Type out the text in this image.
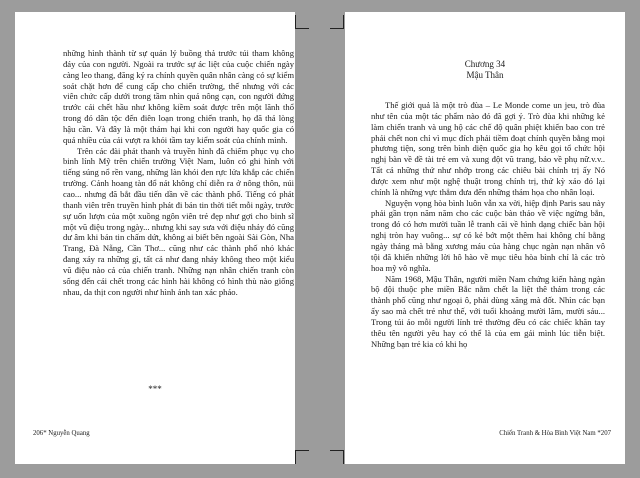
những hình thành từ sự quản lý buồng thả trước túi tham không đáy của con người. Ngoài ra trước sự ác liệt của cuộc chiến ngày càng leo thang, đăng ký ra chính quyền quân nhân càng có sự kiểm soát chặt hơn để cung cấp cho chiến trường, thế nhưng với các viên chức cấp dưới trong tầm nhìn quá nông cạn, con người đứng trước cái chết hầu như không kiềm soát được trên một lãnh thổ trong đó dân tộc đến điên loạn trong chiến tranh, họ đã thả lòng hậu cần. Và đây là một thảm hại khi con người hay quốc gia có quá nhiều của cải vượt ra khỏi tầm tay kiểm soát của chính mình.

Trên các đài phát thanh và truyền hình đã chiếm phục vụ cho binh lính Mỹ trên chiến trường Việt Nam, luôn có ghi hình với tiếng súng nổ rền vang, những làn khói đen rực lửa khắp các chiến trường. Cảnh hoang tàn đổ nát không chỉ diễn ra ở nông thôn, núi cao... nhưng đã bắt đầu tiến dần về các thành phố. Tiếng có phát thanh viên trên truyền hình phát đi bản tin thời tiết mỗi ngày, trước sự uốn lượn của một xuồng ngôn viên trẻ đẹp như gợi cho binh sĩ một vũ điệu trong ngày... nhưng khi say sưa với điệu nhảy đó cũng dư âm khi bản tin chấm dứt, không ai biết bên ngoài Sài Gòn, Nha Trang, Đà Nẵng, Cần Thơ... cũng như các thành phố nhỏ khác đang xảy ra những gì, tất cả như đang nhảy không theo một kiểu vũ điệu nào cả của chiến tranh. Những nạn nhân chiến tranh còn sống đến cái chết trong các hình hài không có hình thù nào giống nhau, da thịt con người như hình ảnh tan xác pháo.

***
206* Nguyễn Quang
Chương 34
Mậu Thân

Thế giới quả là một trò đùa – Le Monde come un jeu, trò đùa như tên của một tác phẩm nào đó đã gợi ý. Trò đùa khi những kẻ làm chiến tranh và ung hộ các chế độ quân phiệt khiến bao con trẻ phải chết non chỉ vì mục đích phải tiềm đoạt chính quyền bằng mọi phương tiện, song trên bình diện quốc gia họ kêu gọi tổ chức hội nghị bàn về đề tài trẻ em và xung đột vũ trang, bảo về phụ nữ.v.v.. Tất cả những thứ như nhớp trong các chiêu bài chính trị ấy Nó được xem như một nghệ thuật trong chính trị, thứ kỳ xảo đó lại chính là những vực thẳm đưa đến những thảm họa cho nhân loại.

Nguyện vọng hòa bình luôn vẫn xa vời, hiệp định Paris sau này phải gần trọn năm năm cho các cuộc bàn thảo về việc ngừng bắn, trong đó có hơn mười tuần lễ tranh cãi về hình dạng chiếc bàn hội nghị tròn hay vuông... sự có kẻ bớt một thêm hai không chỉ bằng ngày tháng mà bằng xương máu của hàng chục ngàn nạn nhân vô tội đã khiến những lời hô hào về mục tiêu hòa bình chỉ là các trò hoa mỹ vô nghĩa.

Năm 1968, Mậu Thân, người miền Nam chứng kiến hàng ngàn bộ đội thuộc phe miền Bắc nằm chết la liệt thê thảm trong các thành phố cũng như ngoại ô, phải dùng xăng mà đốt. Nhìn các bạn ấy sao mà chết trẻ như thế, với tuổi khoảng mười lăm, mười sáu... Trong túi áo mỗi người lính trẻ thường đều có các chiếc khăn tay thêu tên người yêu hay có thể là của em gái mình lúc tiễn biệt. Những bạn trẻ kia có khi họ

Chiến Tranh & Hòa Bình Việt Nam *207
